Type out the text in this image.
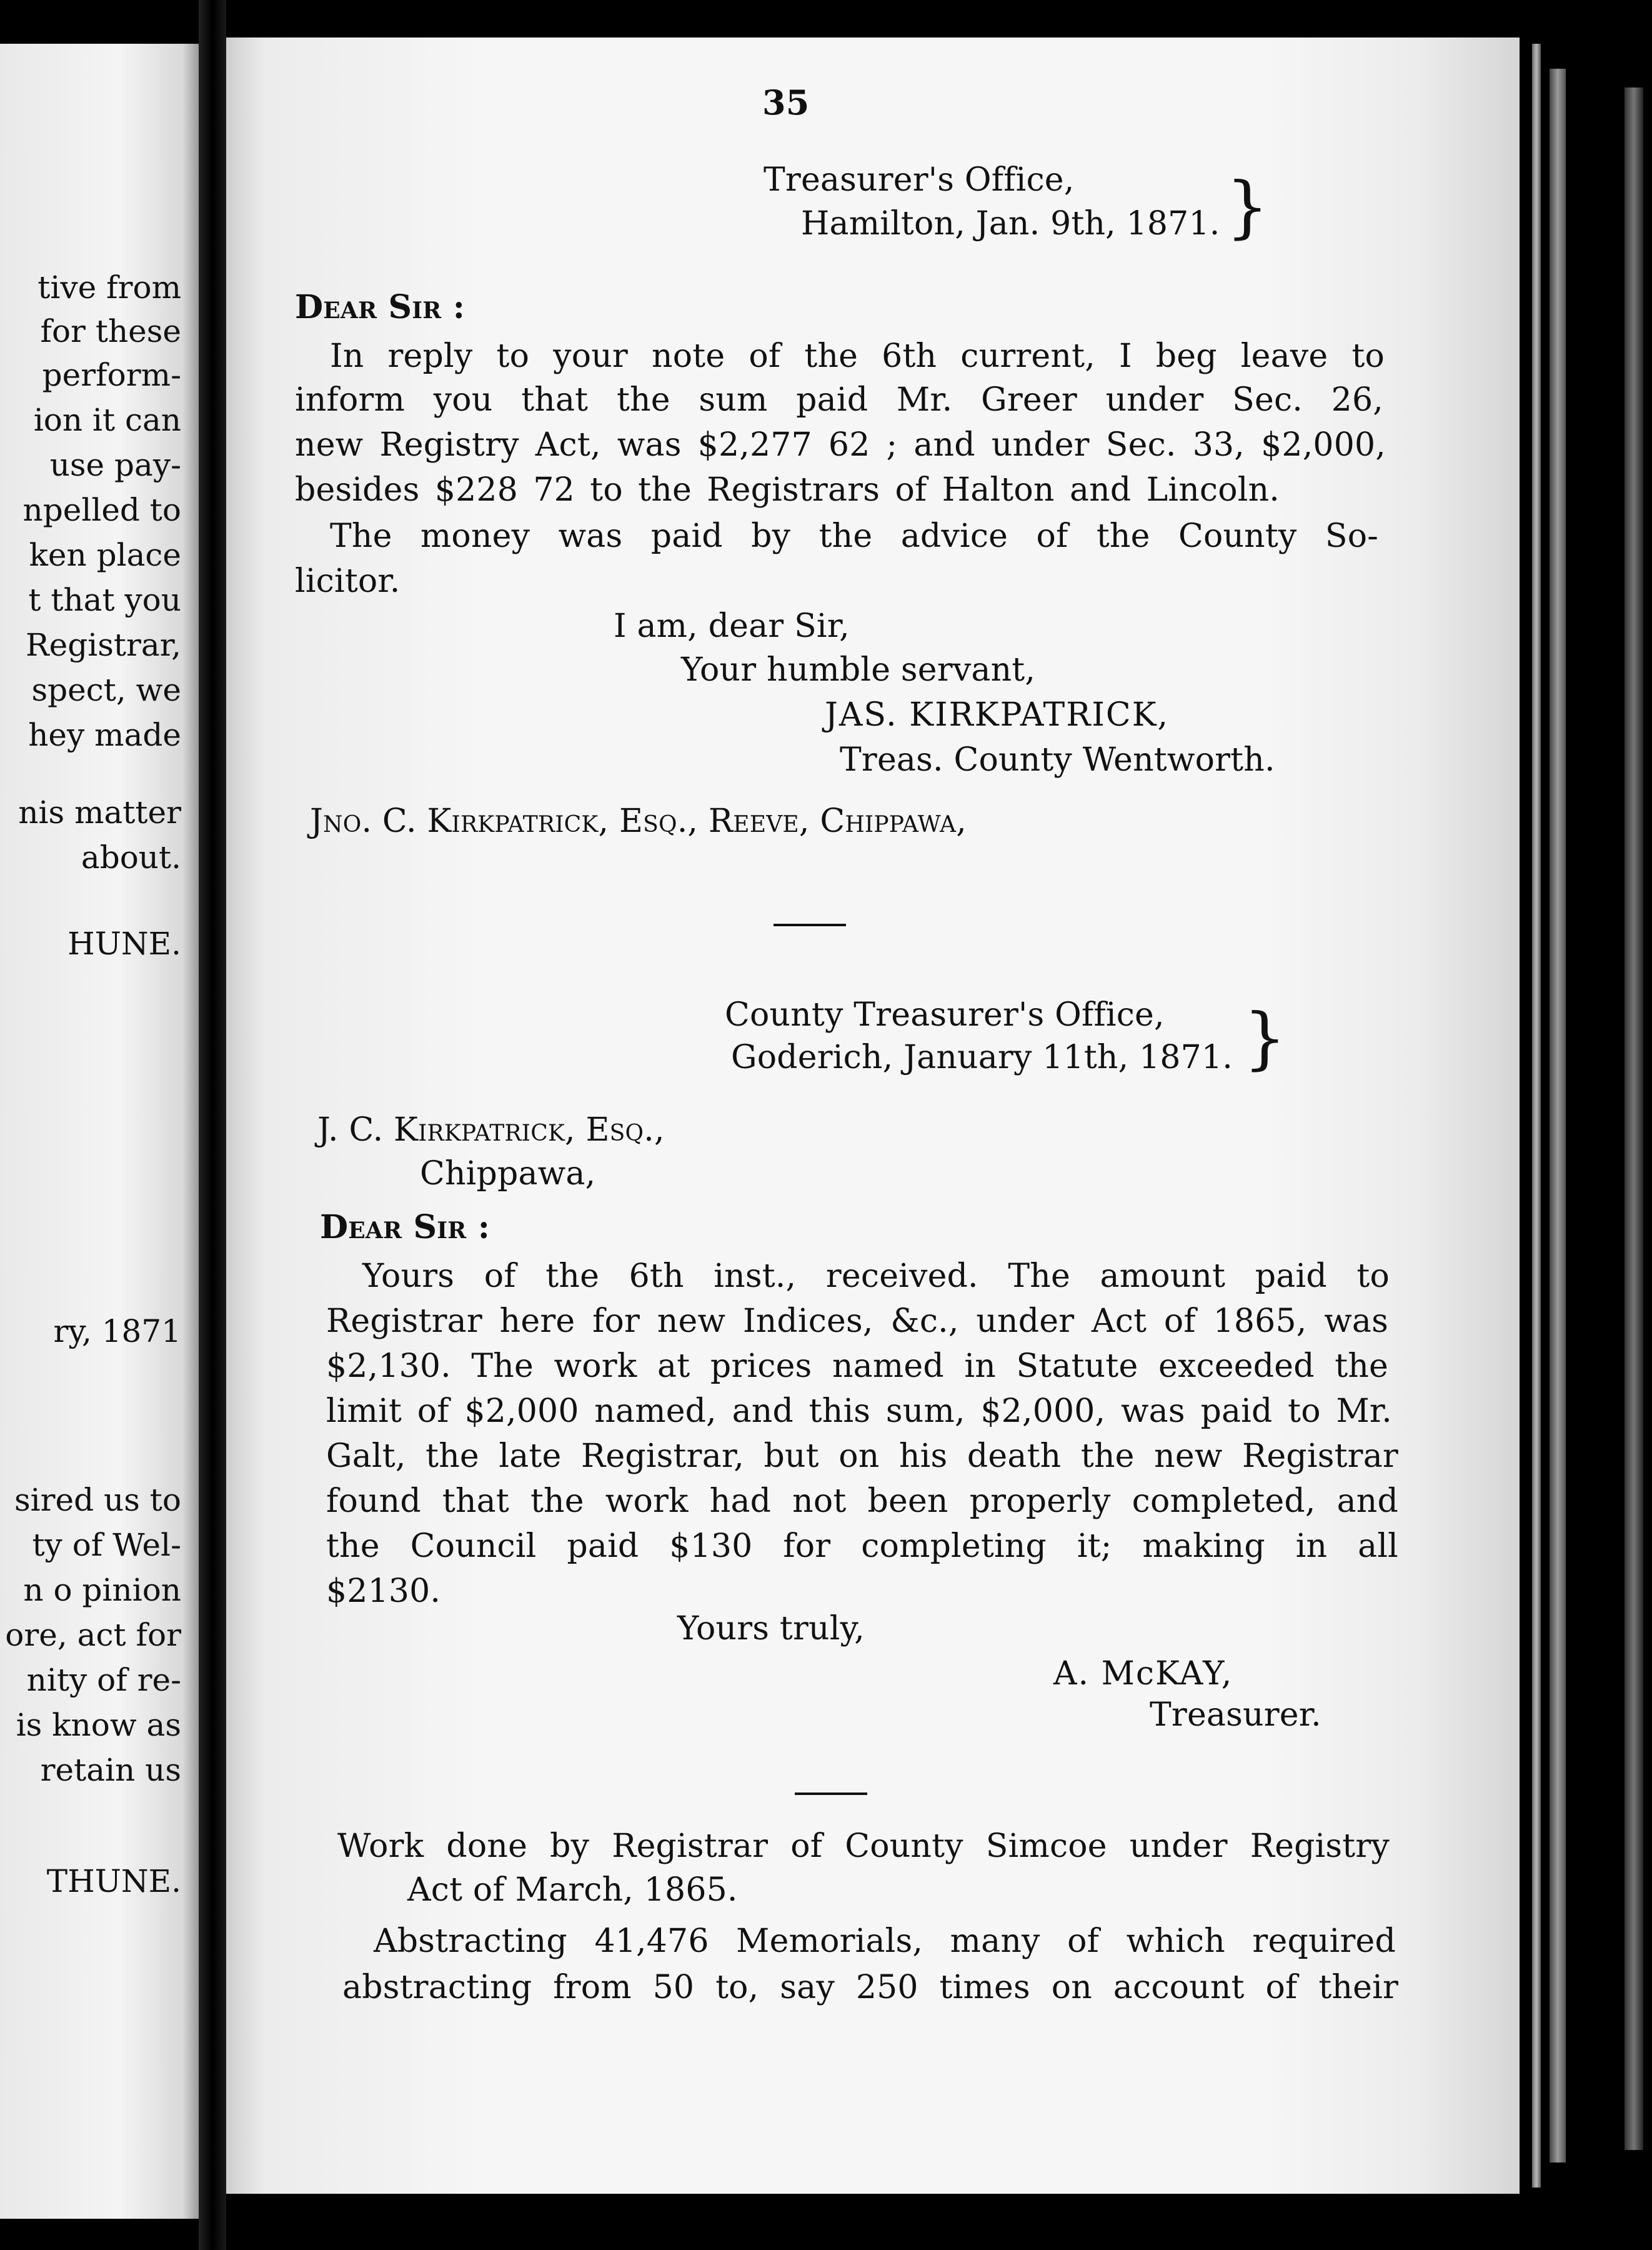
tive from
for these
perform-
ion it can
use pay-
npelled to
ken place
t that you
Registrar,
spect, we
hey made
nis matter
about.
HUNE.
ry, 1871
sired us to
ty of Wel-
n o pinion
ore, act for
nity of re-
is know as
retain us
THUNE.
35
Treasurer's Office,
Hamilton, Jan. 9th, 1871. }
Dear Sir :
In reply to your note of the 6th current, I beg leave to
inform you that the sum paid Mr. Greer under Sec. 26,
new Registry Act, was $2,277 62 ; and under Sec. 33, $2,000,
besides $228 72 to the Registrars of Halton and Lincoln.
The money was paid by the advice of the County So-
licitor.
I am, dear Sir,
Your humble servant,
JAS. KIRKPATRICK,
Treas. County Wentworth.
Jno. C. Kirkpatrick, Esq., Reeve, Chippawa,
County Treasurer's Office,
Goderich, January 11th, 1871. }
J. C. Kirkpatrick, Esq.,
Chippawa,
Dear Sir :
Yours of the 6th inst., received. The amount paid to
Registrar here for new Indices, &c., under Act of 1865, was
$2,130. The work at prices named in Statute exceeded the
limit of $2,000 named, and this sum, $2,000, was paid to Mr.
Galt, the late Registrar, but on his death the new Registrar
found that the work had not been properly completed, and
the Council paid $130 for completing it; making in all
$2130.
Yours truly,
A. McKAY,
Treasurer.
Work done by Registrar of County Simcoe under Registry
Act of March, 1865.
Abstracting 41,476 Memorials, many of which required
abstracting from 50 to, say 250 times on account of their
